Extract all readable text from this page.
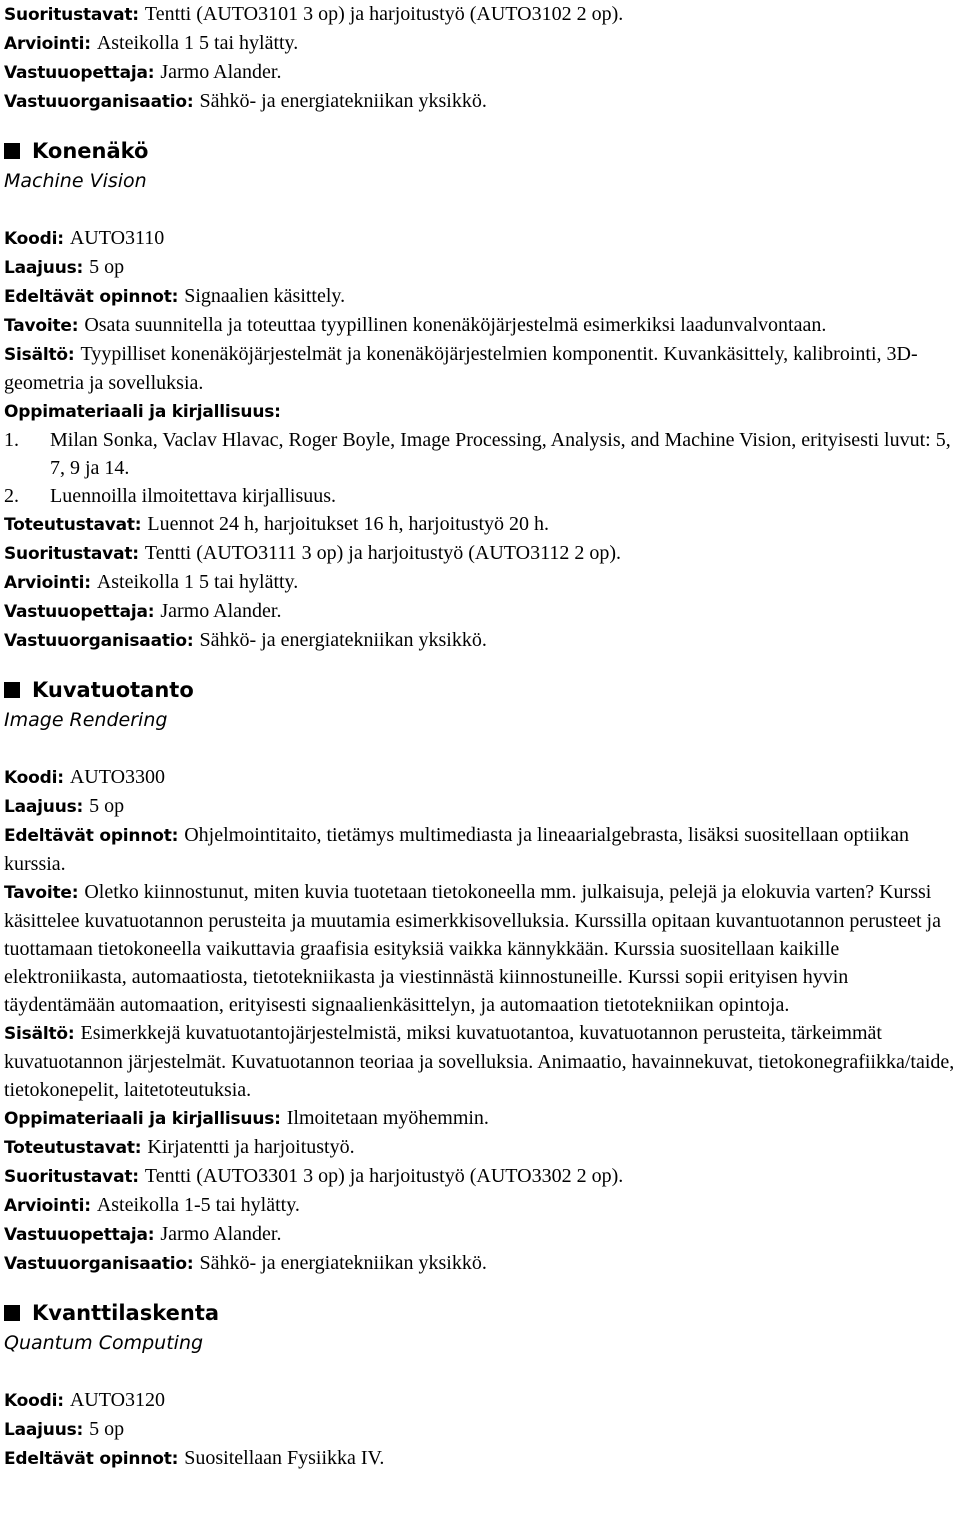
Suoritustavat: Tentti (AUTO3101 3 op) ja harjoitustyö (AUTO3102 2 op).

Arviointi: Asteikolla 1 5 tai hylätty.

Vastuuopettaja: Jarmo Alander.

Vastuuorganisaatio: Sähkö- ja energiatekniikan yksikkö.

Konenäkö

Machine Vision

Koodi: AUTO3110

Laajuus: 5 op

Edeltävät opinnot: Signaalien käsittely.

Tavoite: Osata suunnitella ja toteuttaa tyypillinen konenäköjärjestelmä esimerkiksi laadunvalvontaan.

Sisältö: Tyypilliset konenäköjärjestelmät ja konenäköjärjestelmien komponentit. Kuvankäsittely, kalibrointi, 3D-geometria ja sovelluksia.

Oppimateriaali ja kirjallisuus:

1.	Milan Sonka, Vaclav Hlavac, Roger Boyle, Image Processing, Analysis, and Machine Vision, erityisesti luvut: 5, 7, 9 ja 14.
2.	Luennoilla ilmoitettava kirjallisuus.

Toteutustavat: Luennot 24 h, harjoitukset 16 h, harjoitustyö 20 h.

Suoritustavat: Tentti (AUTO3111 3 op) ja harjoitustyö (AUTO3112 2 op).

Arviointi: Asteikolla 1 5 tai hylätty.

Vastuuopettaja: Jarmo Alander.

Vastuuorganisaatio: Sähkö- ja energiatekniikan yksikkö.

Kuvatuotanto

Image Rendering

Koodi: AUTO3300

Laajuus: 5 op

Edeltävät opinnot: Ohjelmointitaito, tietämys multimediasta ja lineaarialgebrasta, lisäksi suositellaan optiikan kurssia.

Tavoite: Oletko kiinnostunut, miten kuvia tuotetaan tietokoneella mm. julkaisuja, pelejä ja elokuvia varten? Kurssi käsittelee kuvatuotannon perusteita ja muutamia esimerkkisovelluksia. Kurssilla opitaan kuvantuotannon perusteet ja tuottamaan tietokoneella vaikuttavia graafisia esityksiä vaikka kännykkään. Kurssia suositellaan kaikille elektroniikasta, automaatiosta, tietotekniikasta ja viestinnästä kiinnostuneille. Kurssi sopii erityisen hyvin täydentämään automaation, erityisesti signaalienkäsittelyn, ja automaation tietotekniikan opintoja.

Sisältö: Esimerkkejä kuvatuotantojärjestelmistä, miksi kuvatuotantoa, kuvatuotannon perusteita, tärkeimmät kuvatuotannon järjestelmät. Kuvatuotannon teoriaa ja sovelluksia. Animaatio, havainnekuvat, tietokonegrafiikka/taide, tietokonepelit, laitetoteutuksia.

Oppimateriaali ja kirjallisuus: Ilmoitetaan myöhemmin.

Toteutustavat: Kirjatentti ja harjoitustyö.

Suoritustavat: Tentti (AUTO3301 3 op) ja harjoitustyö (AUTO3302 2 op).

Arviointi: Asteikolla 1-5 tai hylätty.

Vastuuopettaja: Jarmo Alander.

Vastuuorganisaatio: Sähkö- ja energiatekniikan yksikkö.

Kvanttilaskenta

Quantum Computing

Koodi: AUTO3120

Laajuus: 5 op

Edeltävät opinnot: Suositellaan Fysiikka IV.
